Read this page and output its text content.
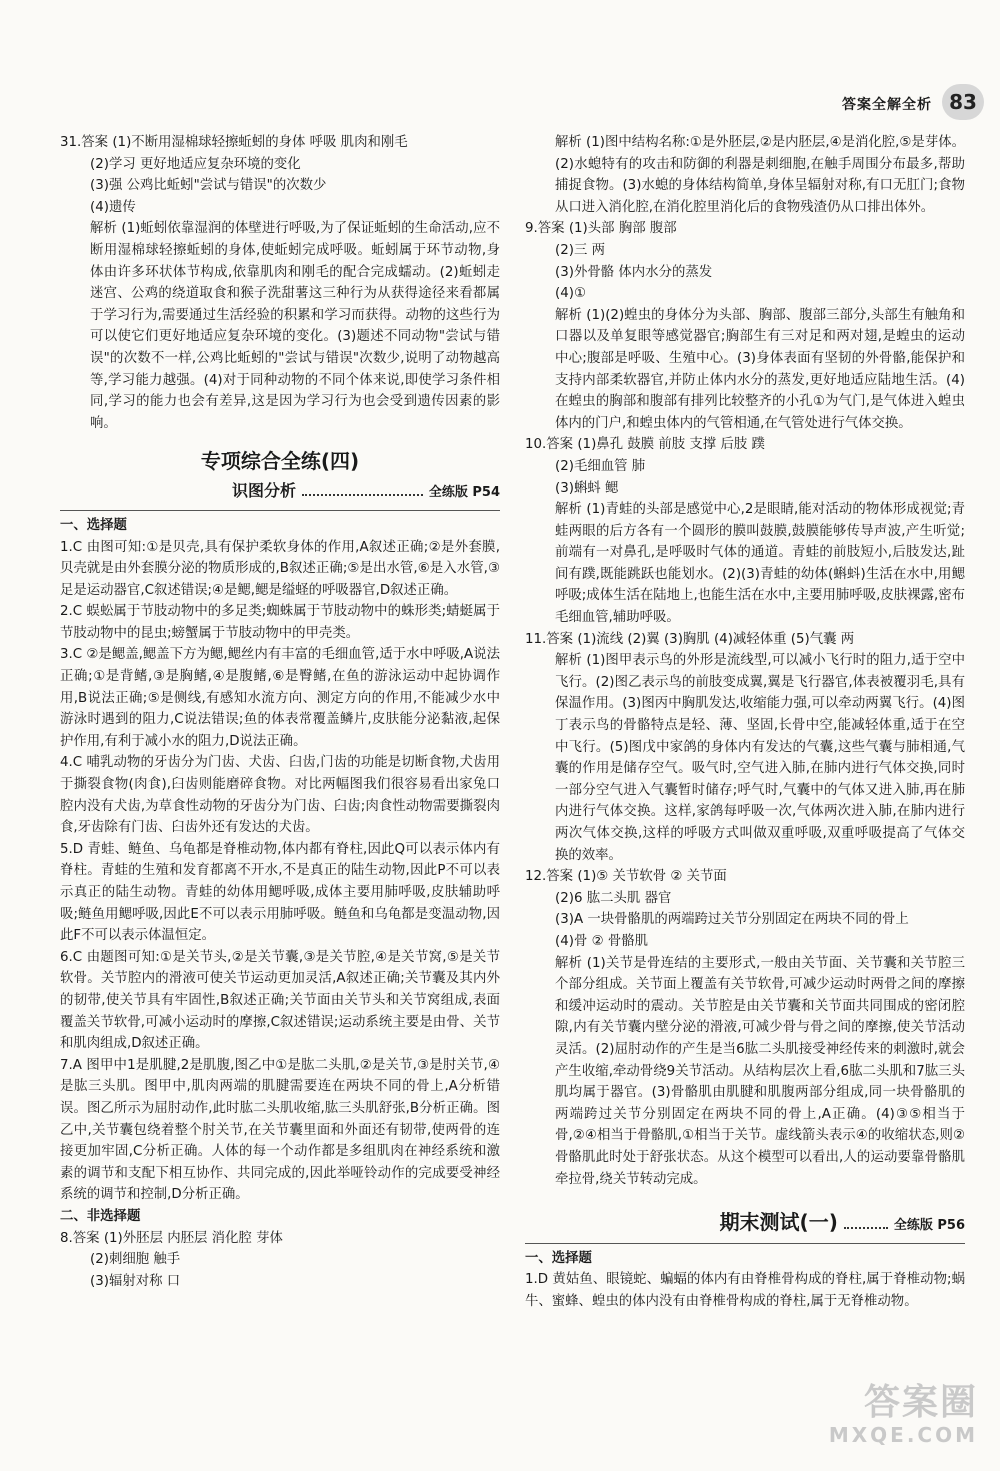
答案全解全析 83

31.答案 (1)不断用湿棉球轻擦蚯蚓的身体 呼吸 肌肉和刚毛

(2)学习 更好地适应复杂环境的变化

(3)强 公鸡比蚯蚓"尝试与错误"的次数少

(4)遗传

解析 (1)蚯蚓依靠湿润的体壁进行呼吸,为了保证蚯蚓的生命活动,应不断用湿棉球轻擦蚯蚓的身体,使蚯蚓完成呼吸。蚯蚓属于环节动物,身体由许多环状体节构成,依靠肌肉和刚毛的配合完成蠕动。(2)蚯蚓走迷宫、公鸡的绕道取食和猴子洗甜薯这三种行为从获得途径来看都属于学习行为,需要通过生活经验的积累和学习而获得。动物的这些行为可以使它们更好地适应复杂环境的变化。(3)题述不同动物"尝试与错误"的次数不一样,公鸡比蚯蚓的"尝试与错误"次数少,说明了动物越高等,学习能力越强。(4)对于同种动物的不同个体来说,即使学习条件相同,学习的能力也会有差异,这是因为学习行为也会受到遗传因素的影响。

专项综合全练(四)
识图分析	全练版 P54

一、选择题

1.C 由图可知:①是贝壳,具有保护柔软身体的作用,A叙述正确;②是外套膜,贝壳就是由外套膜分泌的物质形成的,B叙述正确;⑤是出水管,⑥是入水管,③足是运动器官,C叙述错误;④是鳃,鳃是缢蛏的呼吸器官,D叙述正确。

2.C 蜈蚣属于节肢动物中的多足类;蜘蛛属于节肢动物中的蛛形类;蜻蜓属于节肢动物中的昆虫;螃蟹属于节肢动物中的甲壳类。

3.C ②是鳃盖,鳃盖下方为鳃,鳃丝内有丰富的毛细血管,适于水中呼吸,A说法正确;①是背鳍,③是胸鳍,④是腹鳍,⑥是臀鳍,在鱼的游泳运动中起协调作用,B说法正确;⑤是侧线,有感知水流方向、测定方向的作用,不能减少水中游泳时遇到的阻力,C说法错误;鱼的体表常覆盖鳞片,皮肤能分泌黏液,起保护作用,有利于减小水的阻力,D说法正确。

4.C 哺乳动物的牙齿分为门齿、犬齿、臼齿,门齿的功能是切断食物,犬齿用于撕裂食物(肉食),臼齿则能磨碎食物。对比两幅图我们很容易看出家兔口腔内没有犬齿,为草食性动物的牙齿分为门齿、臼齿;肉食性动物需要撕裂肉食,牙齿除有门齿、臼齿外还有发达的犬齿。

5.D 青蛙、鲢鱼、乌龟都是脊椎动物,体内都有脊柱,因此Q可以表示体内有脊柱。青蛙的生殖和发育都离不开水,不是真正的陆生动物,因此P不可以表示真正的陆生动物。青蛙的幼体用鳃呼吸,成体主要用肺呼吸,皮肤辅助呼吸;鲢鱼用鳃呼吸,因此E不可以表示用肺呼吸。鲢鱼和乌龟都是变温动物,因此F不可以表示体温恒定。

6.C 由题图可知:①是关节头,②是关节囊,③是关节腔,④是关节窝,⑤是关节软骨。关节腔内的滑液可使关节运动更加灵活,A叙述正确;关节囊及其内外的韧带,使关节具有牢固性,B叙述正确;关节面由关节头和关节窝组成,表面覆盖关节软骨,可减小运动时的摩擦,C叙述错误;运动系统主要是由骨、关节和肌肉组成,D叙述正确。

7.A 图甲中1是肌腱,2是肌腹,图乙中①是肱二头肌,②是关节,③是肘关节,④是肱三头肌。图甲中,肌肉两端的肌腱需要连在两块不同的骨上,A分析错误。图乙所示为屈肘动作,此时肱二头肌收缩,肱三头肌舒张,B分析正确。图乙中,关节囊包绕着整个肘关节,在关节囊里面和外面还有韧带,使两骨的连接更加牢固,C分析正确。人体的每一个动作都是多组肌肉在神经系统和激素的调节和支配下相互协作、共同完成的,因此举哑铃动作的完成要受神经系统的调节和控制,D分析正确。

二、非选择题

8.答案 (1)外胚层 内胚层 消化腔 芽体

(2)刺细胞 触手

(3)辐射对称 口

解析 (1)图中结构名称:①是外胚层,②是内胚层,④是消化腔,⑤是芽体。(2)水螅特有的攻击和防御的利器是刺细胞,在触手周围分布最多,帮助捕捉食物。(3)水螅的身体结构简单,身体呈辐射对称,有口无肛门;食物从口进入消化腔,在消化腔里消化后的食物残渣仍从口排出体外。

9.答案 (1)头部 胸部 腹部

(2)三 两

(3)外骨骼 体内水分的蒸发

(4)①

解析 (1)(2)蝗虫的身体分为头部、胸部、腹部三部分,头部生有触角和口器以及单复眼等感觉器官;胸部生有三对足和两对翅,是蝗虫的运动中心;腹部是呼吸、生殖中心。(3)身体表面有坚韧的外骨骼,能保护和支持内部柔软器官,并防止体内水分的蒸发,更好地适应陆地生活。(4)在蝗虫的胸部和腹部有排列比较整齐的小孔①为气门,是气体进入蝗虫体内的门户,和蝗虫体内的气管相通,在气管处进行气体交换。

10.答案 (1)鼻孔 鼓膜 前肢 支撑 后肢 蹼

(2)毛细血管 肺

(3)蝌蚪 鳃

解析 (1)青蛙的头部是感觉中心,2是眼睛,能对活动的物体形成视觉;青蛙两眼的后方各有一个圆形的膜叫鼓膜,鼓膜能够传导声波,产生听觉;前端有一对鼻孔,是呼吸时气体的通道。青蛙的前肢短小,后肢发达,趾间有蹼,既能跳跃也能划水。(2)(3)青蛙的幼体(蝌蚪)生活在水中,用鳃呼吸;成体生活在陆地上,也能生活在水中,主要用肺呼吸,皮肤裸露,密布毛细血管,辅助呼吸。

11.答案 (1)流线 (2)翼 (3)胸肌 (4)减轻体重 (5)气囊 两

解析 (1)图甲表示鸟的外形是流线型,可以减小飞行时的阻力,适于空中飞行。(2)图乙表示鸟的前肢变成翼,翼是飞行器官,体表被覆羽毛,具有保温作用。(3)图丙中胸肌发达,收缩能力强,可以牵动两翼飞行。(4)图丁表示鸟的骨骼特点是轻、薄、坚固,长骨中空,能减轻体重,适于在空中飞行。(5)图戊中家鸽的身体内有发达的气囊,这些气囊与肺相通,气囊的作用是储存空气。吸气时,空气进入肺,在肺内进行气体交换,同时一部分空气进入气囊暂时储存;呼气时,气囊中的气体又进入肺,再在肺内进行气体交换。这样,家鸽每呼吸一次,气体两次进入肺,在肺内进行两次气体交换,这样的呼吸方式叫做双重呼吸,双重呼吸提高了气体交换的效率。

12.答案 (1)⑤ 关节软骨 ② 关节面

(2)6 肱二头肌 器官

(3)A 一块骨骼肌的两端跨过关节分别固定在两块不同的骨上

(4)骨 ② 骨骼肌

解析 (1)关节是骨连结的主要形式,一般由关节面、关节囊和关节腔三个部分组成。关节面上覆盖有关节软骨,可减少运动时两骨之间的摩擦和缓冲运动时的震动。关节腔是由关节囊和关节面共同围成的密闭腔隙,内有关节囊内壁分泌的滑液,可减少骨与骨之间的摩擦,使关节活动灵活。(2)屈肘动作的产生是当6肱二头肌接受神经传来的刺激时,就会产生收缩,牵动骨绕9关节活动。从结构层次上看,6肱二头肌和7肱三头肌均属于器官。(3)骨骼肌由肌腱和肌腹两部分组成,同一块骨骼肌的两端跨过关节分别固定在两块不同的骨上,A正确。(4)③⑤相当于骨,②④相当于骨骼肌,①相当于关节。虚线箭头表示④的收缩状态,则②骨骼肌此时处于舒张状态。从这个模型可以看出,人的运动要靠骨骼肌牵拉骨,绕关节转动完成。

期末测试(一)	全练版 P56

一、选择题

1.D 黄姑鱼、眼镜蛇、蝙蝠的体内有由脊椎骨构成的脊柱,属于脊椎动物;蜗牛、蜜蜂、蝗虫的体内没有由脊椎骨构成的脊柱,属于无脊椎动物。

答案圈
MXQE.COM
